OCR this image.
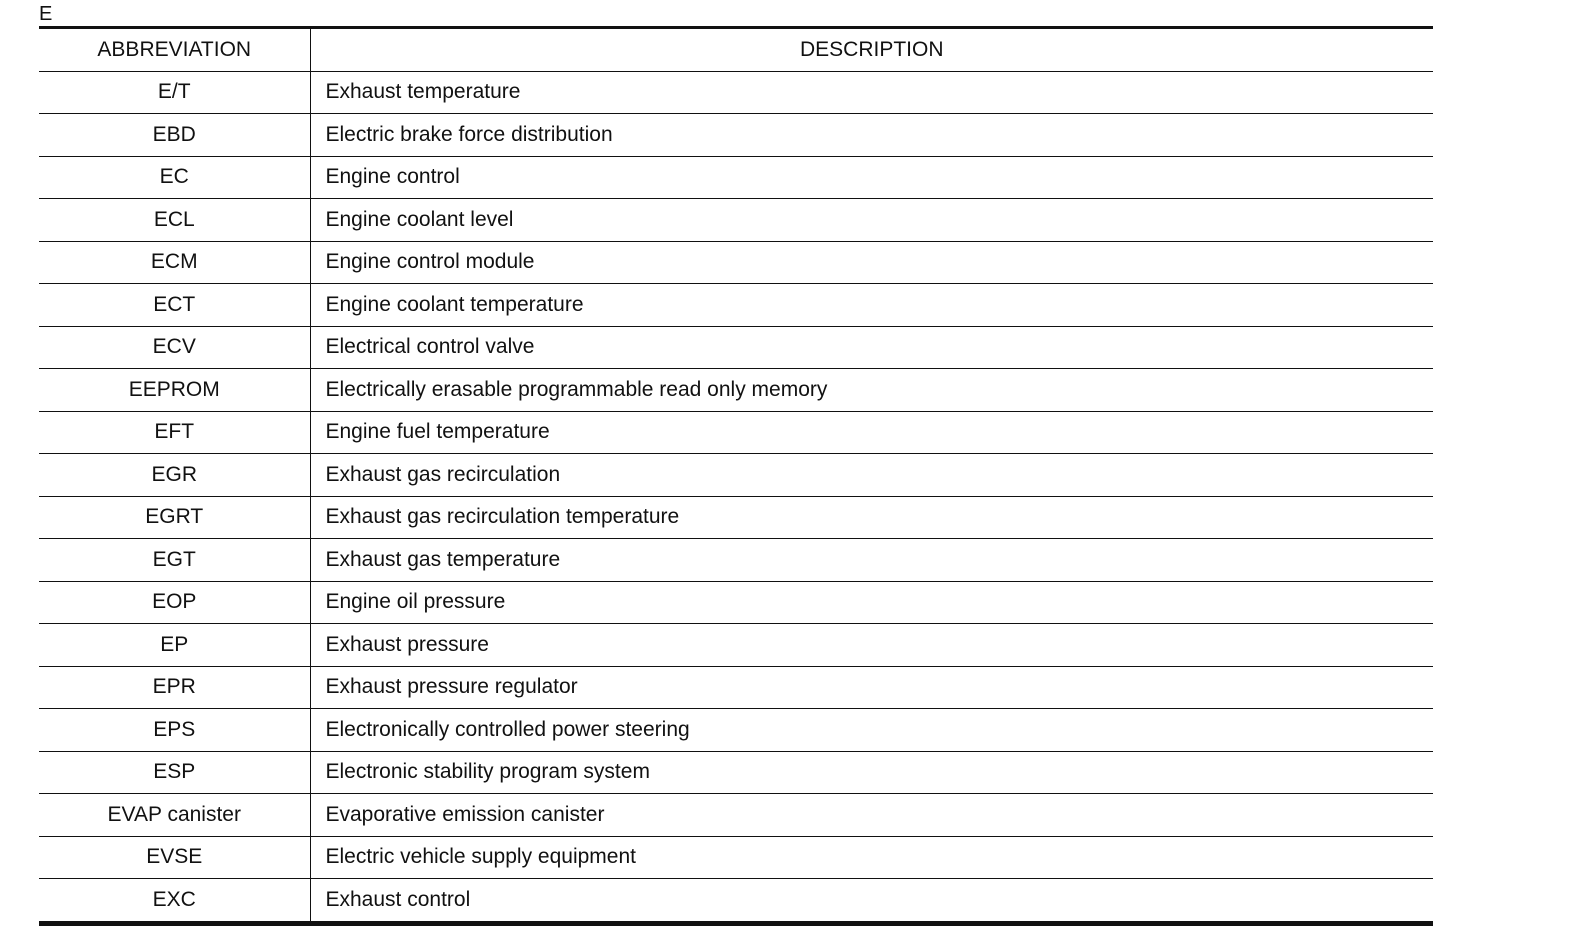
E
ABBREVIATION	DESCRIPTION
E/T	Exhaust temperature
EBD	Electric brake force distribution
EC	Engine control
ECL	Engine coolant level
ECM	Engine control module
ECT	Engine coolant temperature
ECV	Electrical control valve
EEPROM	Electrically erasable programmable read only memory
EFT	Engine fuel temperature
EGR	Exhaust gas recirculation
EGRT	Exhaust gas recirculation temperature
EGT	Exhaust gas temperature
EOP	Engine oil pressure
EP	Exhaust pressure
EPR	Exhaust pressure regulator
EPS	Electronically controlled power steering
ESP	Electronic stability program system
EVAP canister	Evaporative emission canister
EVSE	Electric vehicle supply equipment
EXC	Exhaust control
